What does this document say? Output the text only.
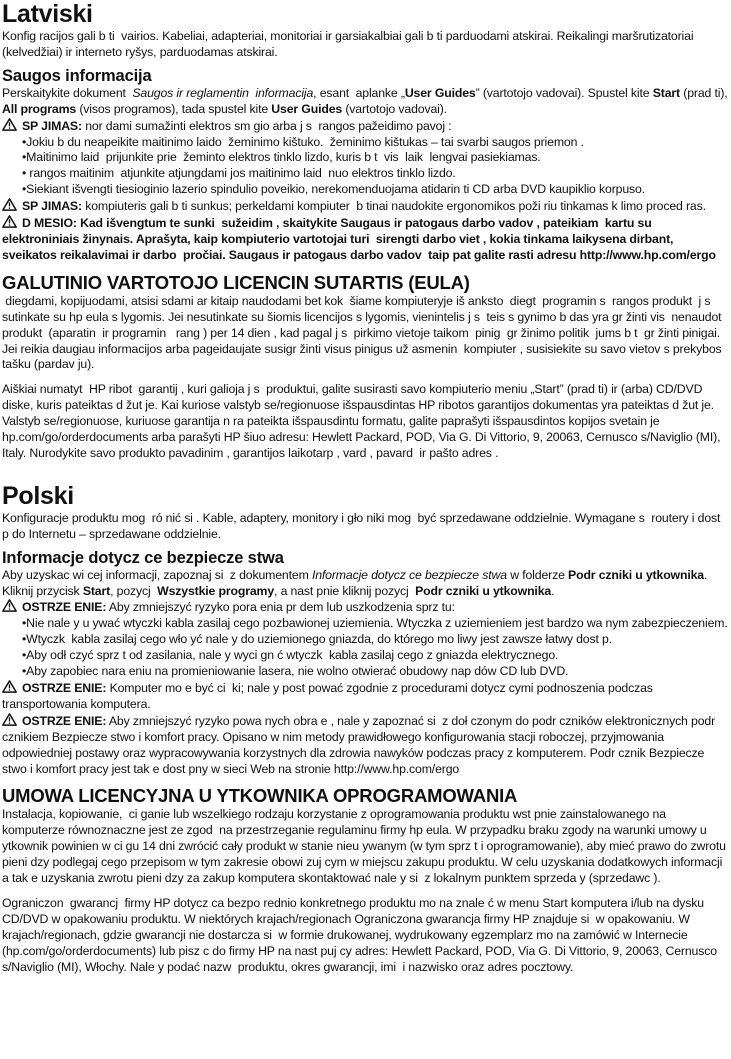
Latviski

Konfig racijos gali b ti  vairios. Kabeliai, adapteriai, monitoriai ir garsiakalbiai gali b ti parduodami atskirai. Reikalingi maršrutizatoriai (kelvedžiai) ir interneto ryšys, parduodamas atskirai.

Saugos informacija

Perskaitykite dokument  Saugos ir reglamentin  informacija, esant  aplanke „User Guides” (vartotojo vadovai). Spustel kite Start (prad ti), All programs (visos programos), tada spustel kite User Guides (vartotojo vadovai).

SP JIMAS: nor dami sumažinti elektros sm gio arba j s  rangos pažeidimo pavoj :

• Jokiu b du neapeikite maitinimo laido  žeminimo kištuko.  žeminimo kištukas – tai svarbi saugos priemon .
• Maitinimo laid  prijunkite prie  žeminto elektros tinklo lizdo, kuris b t  vis  laik  lengvai pasiekiamas.
•  rangos maitinim  atjunkite atjungdami jos maitinimo laid  nuo elektros tinklo lizdo.
• Siekiant išvengti tiesioginio lazerio spindulio poveikio, nerekomenduojama atidarin ti CD arba DVD kaupiklio korpuso.

SP JIMAS: kompiuteris gali b ti sunkus; perkeldami kompiuter  b tinai naudokite ergonomikos poži riu tinkamas k limo proced ras.

D MESIO: Kad išvengtum te sunki  sužeidim , skaitykite Saugaus ir patogaus darbo vadov , pateikiam  kartu su elektroniniais žinynais. Aprašyta, kaip kompiuterio vartotojai turi  sirengti darbo viet , kokia tinkama laikysena dirbant, sveikatos reikalavimai ir darbo  pročiai. Saugaus ir patogaus darbo vadov  taip pat galite rasti adresu http://www.hp.com/ergo

GALUTINIO VARTOTOJO LICENCIN SUTARTIS (EULA)

diegdami, kopijuodami, atsisi sdami ar kitaip naudodami bet kok  šiame kompiuteryje iš anksto  diegt  programin s  rangos produkt  j s sutinkate su hp eula s lygomis. Jei nesutinkate su šiomis licencijos s lygomis, vienintelis j s  teis s gynimo b das yra gr žinti vis  nenaudot  produkt  (aparatin  ir programin   rang ) per 14 dien , kad pagal j s  pirkimo vietoje taikom  pinig  gr žinimo politik  jums b t  gr žinti pinigai. Jei reikia daugiau informacijos arba pageidaujate susigr žinti visus pinigus už asmenin  kompiuter , susisiekite su savo vietov s prekybos tašku (pardav ju).

Aiškiai numatyt  HP ribot  garantij , kuri galioja j s  produktui, galite susirasti savo kompiuterio meniu „Start” (prad ti) ir (arba) CD/DVD diske, kuris pateiktas d žut je. Kai kuriose valstyb se/regionuose išspausdintas HP ribotos garantijos dokumentas yra pateiktas d žut je. Valstyb se/regionuose, kuriuose garantija n ra pateikta išspausdintu formatu, galite paprašyti išspausdintos kopijos svetain je hp.com/go/orderdocuments arba parašyti HP šiuo adresu: Hewlett Packard, POD, Via G. Di Vittorio, 9, 20063, Cernusco s/Naviglio (MI), Italy. Nurodykite savo produkto pavadinim , garantijos laikotarp , vard , pavard  ir pašto adres .

Polski

Konfiguracje produktu mog  ró nić si . Kable, adaptery, monitory i gło niki mog  być sprzedawane oddzielnie. Wymagane s  routery i dost p do Internetu – sprzedawane oddzielnie.

Informacje dotycz ce bezpiecze stwa

Aby uzyskac wi cej informacji, zapoznaj si  z dokumentem Informacje dotycz ce bezpiecze stwa w folderze Podr czniki u ytkownika. Kliknij przycisk Start, pozycj  Wszystkie programy, a nast pnie kliknij pozycj  Podr czniki u ytkownika.

OSTRZE ENIE: Aby zmniejszyć ryzyko pora enia pr dem lub uszkodzenia sprz tu:

• Nie nale y u ywać wtyczki kabla zasilaj cego pozbawionej uziemienia. Wtyczka z uziemieniem jest bardzo wa nym zabezpieczeniem.
• Wtyczk  kabla zasilaj cego wło yć nale y do uziemionego gniazda, do którego mo liwy jest zawsze łatwy dost p.
• Aby odł czyć sprz t od zasilania, nale y wyci gn ć wtyczk  kabla zasilaj cego z gniazda elektrycznego.
• Aby zapobiec nara eniu na promieniowanie lasera, nie wolno otwierać obudowy nap dów CD lub DVD.

OSTRZE ENIE: Komputer mo e być ci  ki; nale y post pować zgodnie z procedurami dotycz cymi podnoszenia podczas transportowania komputera.

OSTRZE ENIE: Aby zmniejszyć ryzyko powa nych obra e , nale y zapoznać si  z doł czonym do podr czników elektronicznych podr cznikiem Bezpiecze stwo i komfort pracy. Opisano w nim metody prawidłowego konfigurowania stacji roboczej, przyjmowania odpowiedniej postawy oraz wypracowywania korzystnych dla zdrowia nawyków podczas pracy z komputerem. Podr cznik Bezpiecze stwo i komfort pracy jest tak e dost pny w sieci Web na stronie http://www.hp.com/ergo

UMOWA LICENCYJNA U YTKOWNIKA OPROGRAMOWANIA

Instalacja, kopiowanie,  ci ganie lub wszelkiego rodzaju korzystanie z oprogramowania produktu wst pnie zainstalowanego na komputerze równoznaczne jest ze zgod  na przestrzeganie regulaminu firmy hp eula. W przypadku braku zgody na warunki umowy u ytkownik powinien w ci gu 14 dni zwrócić cały produkt w stanie nieu ywanym (w tym sprz t i oprogramowanie), aby mieć prawo do zwrotu pieni dzy podlegaj cego przepisom w tym zakresie obowi zuj cym w miejscu zakupu produktu. W celu uzyskania dodatkowych informacji a tak e uzyskania zwrotu pieni dzy za zakup komputera skontaktować nale y si  z lokalnym punktem sprzeda y (sprzedawc ).

Ograniczon  gwarancj  firmy HP dotycz ca bezpo rednio konkretnego produktu mo na znale ć w menu Start komputera i/lub na dysku CD/DVD w opakowaniu produktu. W niektórych krajach/regionach Ograniczona gwarancja firmy HP znajduje si  w opakowaniu. W krajach/regionach, gdzie gwarancji nie dostarcza si  w formie drukowanej, wydrukowany egzemplarz mo na zamówić w Internecie (hp.com/go/orderdocuments) lub pisz c do firmy HP na nast puj cy adres: Hewlett Packard, POD, Via G. Di Vittorio, 9, 20063, Cernusco s/Naviglio (MI), Włochy. Nale y podać nazw  produktu, okres gwarancji, imi  i nazwisko oraz adres pocztowy.
